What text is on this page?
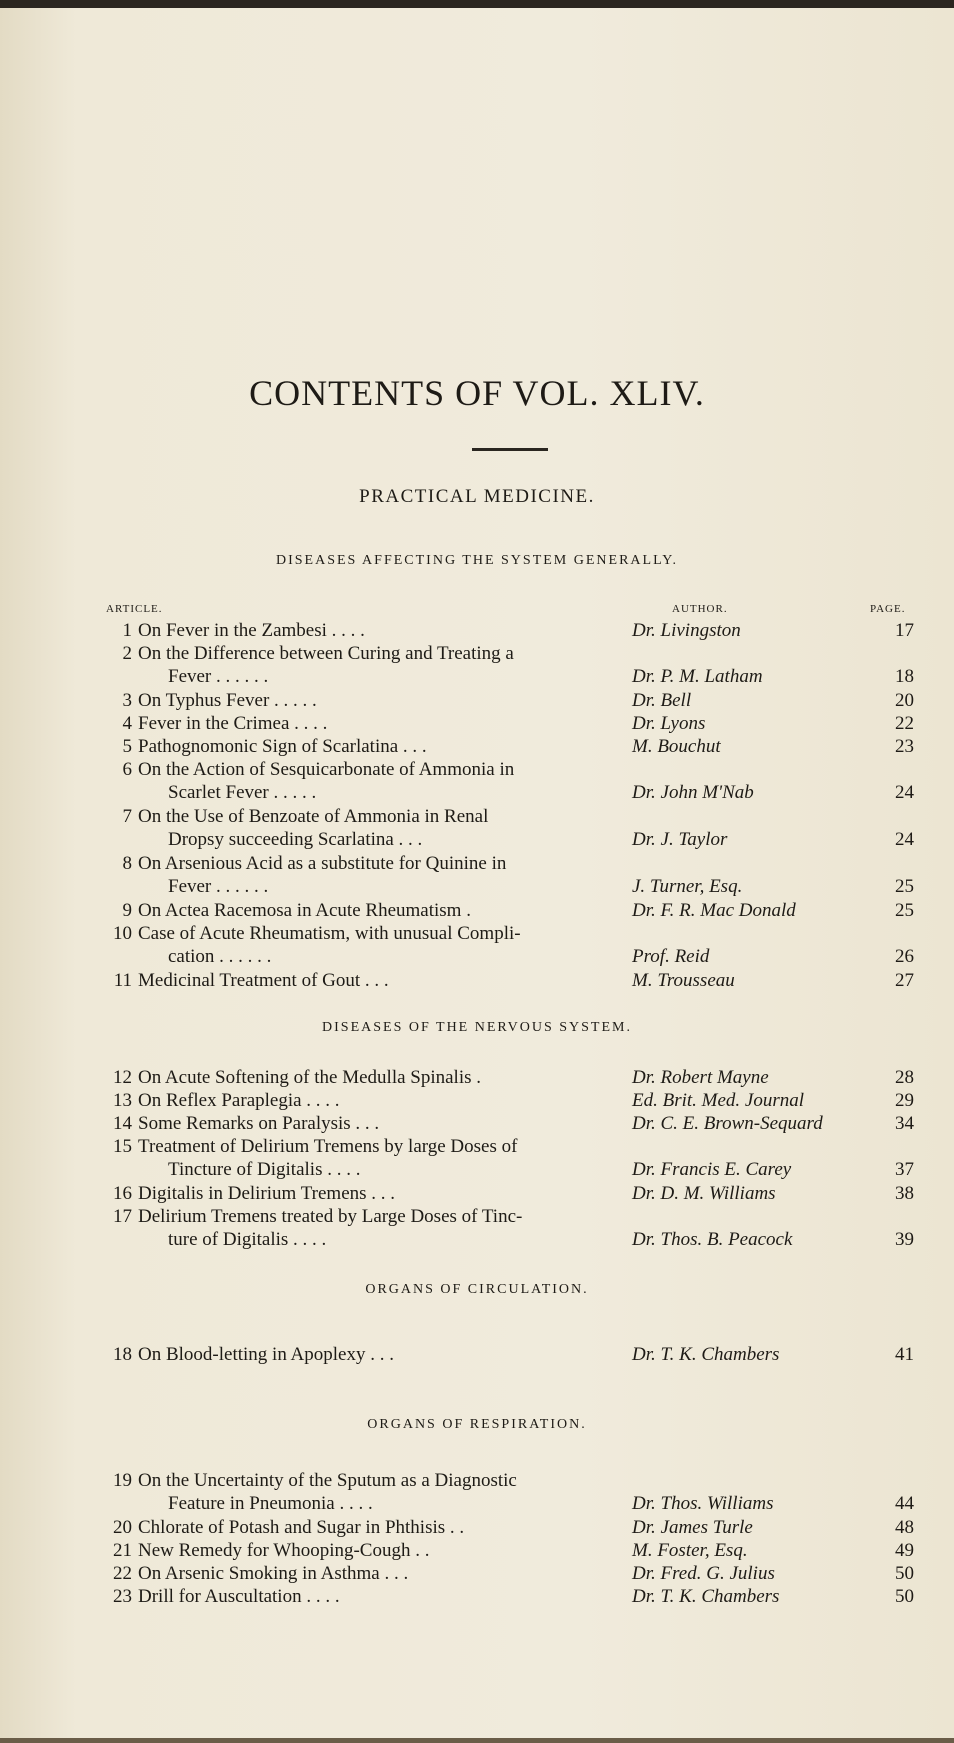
CONTENTS OF VOL. XLIV.
PRACTICAL MEDICINE.
DISEASES AFFECTING THE SYSTEM GENERALLY.
ARTICLE.	AUTHOR.	PAGE.
1 On Fever in the Zambesi . . . .	Dr. Livingston	17
2 On the Difference between Curing and Treating a
Fever . . . . . .	Dr. P. M. Latham	18
3 On Typhus Fever . . . . .	Dr. Bell	20
4 Fever in the Crimea . . . .	Dr. Lyons	22
5 Pathognomonic Sign of Scarlatina . . .	M. Bouchut	23
6 On the Action of Sesquicarbonate of Ammonia in
Scarlet Fever . . . . .	Dr. John M'Nab	24
7 On the Use of Benzoate of Ammonia in Renal
Dropsy succeeding Scarlatina . . .	Dr. J. Taylor	24
8 On Arsenious Acid as a substitute for Quinine in
Fever . . . . . .	J. Turner, Esq.	25
9 On Actea Racemosa in Acute Rheumatism .	Dr. F. R. Mac Donald	25
10 Case of Acute Rheumatism, with unusual Compli-
cation . . . . . .	Prof. Reid	26
11 Medicinal Treatment of Gout . . .	M. Trousseau	27
DISEASES OF THE NERVOUS SYSTEM.
12 On Acute Softening of the Medulla Spinalis .	Dr. Robert Mayne	28
13 On Reflex Paraplegia . . . .	Ed. Brit. Med. Journal	29
14 Some Remarks on Paralysis . . .	Dr. C. E. Brown-Sequard	34
15 Treatment of Delirium Tremens by large Doses of
Tincture of Digitalis . . . .	Dr. Francis E. Carey	37
16 Digitalis in Delirium Tremens . . .	Dr. D. M. Williams	38
17 Delirium Tremens treated by Large Doses of Tinc-
ture of Digitalis . . . .	Dr. Thos. B. Peacock	39
ORGANS OF CIRCULATION.
18 On Blood-letting in Apoplexy . . .	Dr. T. K. Chambers	41
ORGANS OF RESPIRATION.
19 On the Uncertainty of the Sputum as a Diagnostic
Feature in Pneumonia . . . .	Dr. Thos. Williams	44
20 Chlorate of Potash and Sugar in Phthisis . .	Dr. James Turle	48
21 New Remedy for Whooping-Cough . .	M. Foster, Esq.	49
22 On Arsenic Smoking in Asthma . . .	Dr. Fred. G. Julius	50
23 Drill for Auscultation . . . .	Dr. T. K. Chambers	50
